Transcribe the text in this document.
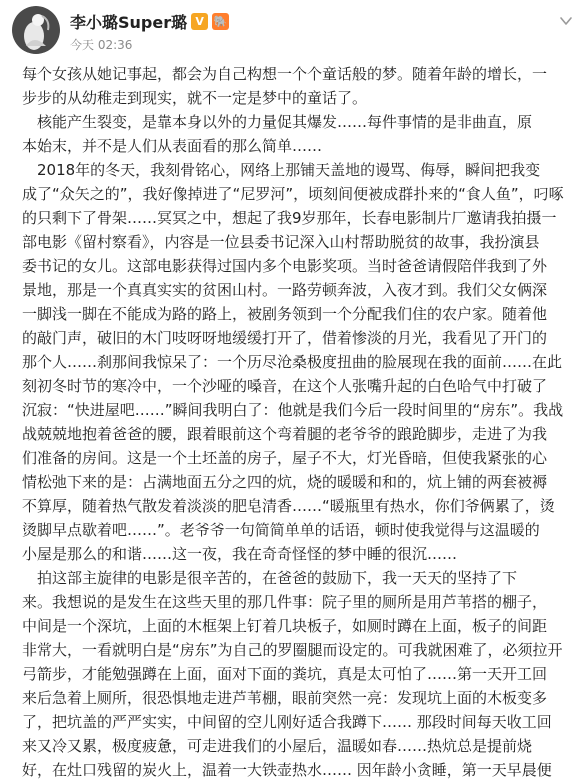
李小璐Super璐 V 🐘
今天 02:36
每个女孩从她记事起，都会为自己构想一个个童话般的梦。随着年龄的增长，一
步步的从幼稚走到现实，就不一定是梦中的童话了。
　核能产生裂变，是靠本身以外的力量促其爆发……每件事情的是非曲直，原
本始末，并不是人们从表面看的那么简单……
　2018年的冬天，我刻骨铭心，网络上那铺天盖地的谩骂、侮辱，瞬间把我变
成了“众矢之的”，我好像掉进了“尼罗河”，顷刻间便被成群扑来的“食人鱼”，叼啄
的只剩下了骨架……冥冥之中，想起了我9岁那年，长春电影制片厂邀请我拍摄一
部电影《留村察看》，内容是一位县委书记深入山村帮助脱贫的故事，我扮演县
委书记的女儿。这部电影获得过国内多个电影奖项。当时爸爸请假陪伴我到了外
景地，那是一个真真实实的贫困山村。一路劳顿奔波，入夜才到。我们父女俩深
一脚浅一脚在不能成为路的路上，被剧务领到一个分配我们住的农户家。随着他
的敲门声，破旧的木门吱呀呀地缓缓打开了，借着惨淡的月光，我看见了开门的
那个人……刹那间我惊呆了：一个历尽沧桑极度扭曲的脸展现在我的面前……在此
刻初冬时节的寒冷中，一个沙哑的嗓音，在这个人张嘴升起的白色哈气中打破了
沉寂：“快进屋吧……”瞬间我明白了：他就是我们今后一段时间里的“房东”。我战
战兢兢地抱着爸爸的腰，跟着眼前这个弯着腿的老爷爷的踉跄脚步，走进了为我
们准备的房间。这是一个土坯盖的房子，屋子不大，灯光昏暗，但使我紧张的心
情松弛下来的是：占满地面五分之四的炕，烧的暖暖和和的，炕上铺的两套被褥
不算厚，随着热气散发着淡淡的肥皂清香……“暖瓶里有热水，你们爷俩累了，烫
烫脚早点歇着吧……”。老爷爷一句简简单单的话语，顿时使我觉得与这温暖的
小屋是那么的和谐……这一夜，我在奇奇怪怪的梦中睡的很沉……
　拍这部主旋律的电影是很辛苦的，在爸爸的鼓励下，我一天天的坚持了下
来。我想说的是发生在这些天里的那几件事：院子里的厕所是用芦苇搭的棚子，
中间是一个深坑，上面的木框架上钉着几块板子，如厕时蹲在上面，板子的间距
非常大，一看就明白是“房东”为自己的罗圈腿而设定的。可我就困难了，必须拉开
弓箭步，才能勉强蹲在上面，面对下面的粪坑，真是太可怕了……第一天开工回
来后急着上厕所，很恐惧地走进芦苇棚，眼前突然一亮：发现坑上面的木板变多
了，把坑盖的严严实实，中间留的空儿刚好适合我蹲下…… 那段时间每天收工回
来又冷又累，极度疲惫，可走进我们的小屋后，温暖如春……热炕总是提前烧
好，在灶口残留的炭火上，温着一大铁壶热水…… 因年龄小贪睡，第一天早晨便
